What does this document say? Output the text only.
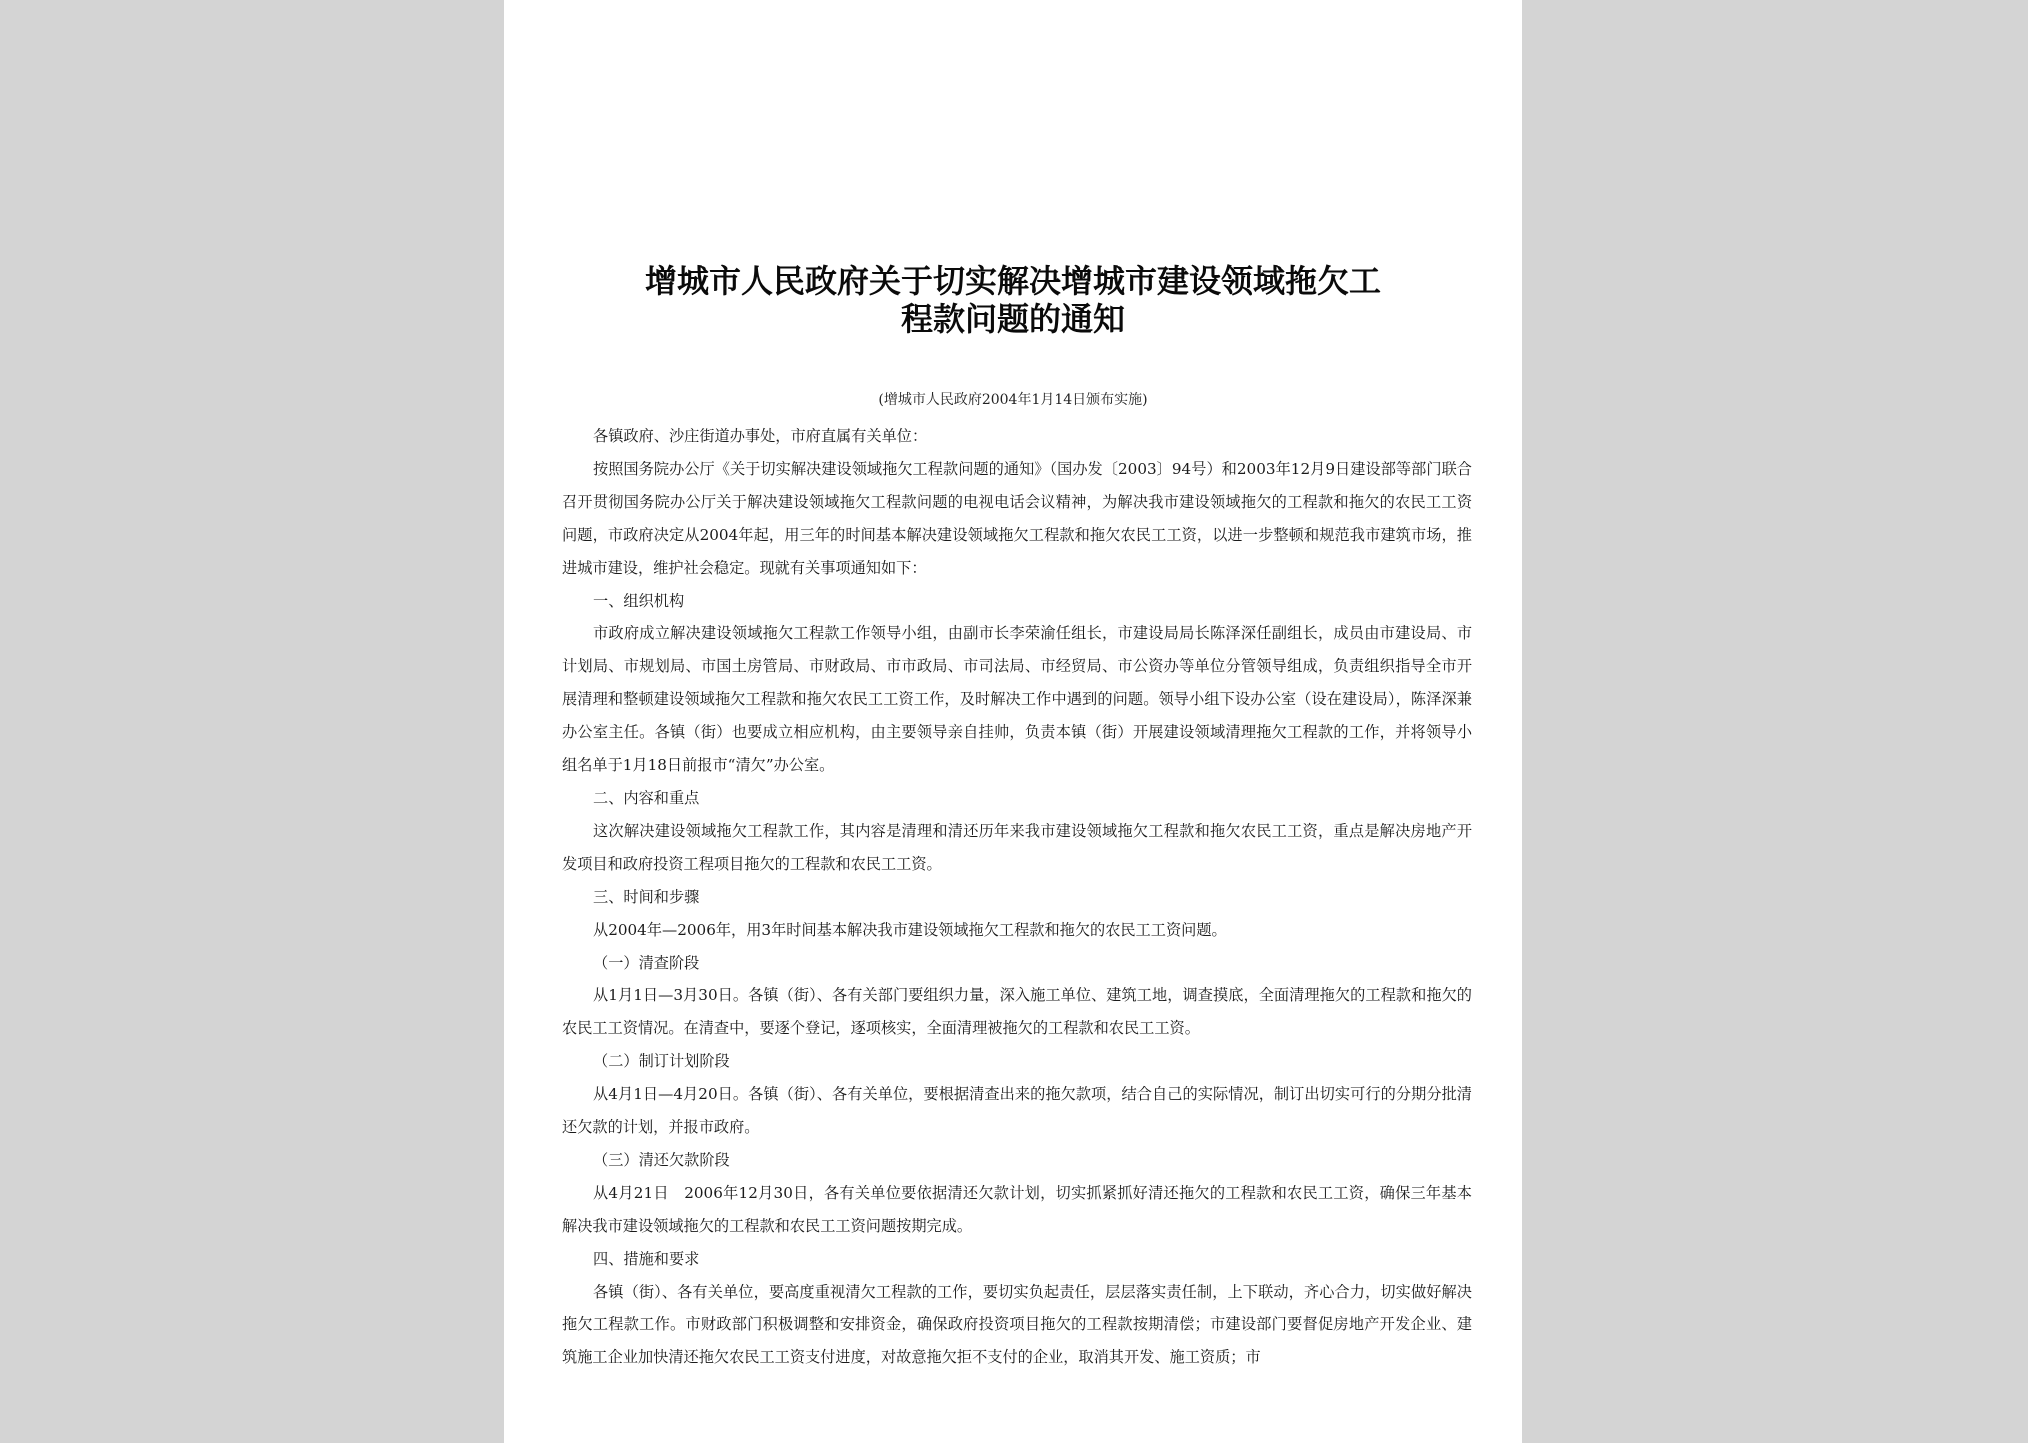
增城市人民政府关于切实解决增城市建设领域拖欠工
程款问题的通知
(增城市人民政府2004年1月14日颁布实施)

各镇政府、沙庄街道办事处，市府直属有关单位：

按照国务院办公厅《关于切实解决建设领域拖欠工程款问题的通知》（国办发〔2003〕94号）和2003年12月9日建设部等部门联合召开贯彻国务院办公厅关于解决建设领域拖欠工程款问题的电视电话会议精神，为解决我市建设领域拖欠的工程款和拖欠的农民工工资问题，市政府决定从2004年起，用三年的时间基本解决建设领域拖欠工程款和拖欠农民工工资，以进一步整顿和规范我市建筑市场，推进城市建设，维护社会稳定。现就有关事项通知如下：

一、组织机构

市政府成立解决建设领域拖欠工程款工作领导小组，由副市长李荣渝任组长，市建设局局长陈泽深任副组长，成员由市建设局、市计划局、市规划局、市国土房管局、市财政局、市市政局、市司法局、市经贸局、市公资办等单位分管领导组成，负责组织指导全市开展清理和整顿建设领域拖欠工程款和拖欠农民工工资工作，及时解决工作中遇到的问题。领导小组下设办公室（设在建设局），陈泽深兼办公室主任。各镇（街）也要成立相应机构，由主要领导亲自挂帅，负责本镇（街）开展建设领域清理拖欠工程款的工作，并将领导小组名单于1月18日前报市“清欠”办公室。

二、内容和重点

这次解决建设领域拖欠工程款工作，其内容是清理和清还历年来我市建设领域拖欠工程款和拖欠农民工工资，重点是解决房地产开发项目和政府投资工程项目拖欠的工程款和农民工工资。

三、时间和步骤

从2004年—2006年，用3年时间基本解决我市建设领域拖欠工程款和拖欠的农民工工资问题。

（一）清查阶段

从1月1日—3月30日。各镇（街）、各有关部门要组织力量，深入施工单位、建筑工地，调查摸底，全面清理拖欠的工程款和拖欠的农民工工资情况。在清查中，要逐个登记，逐项核实，全面清理被拖欠的工程款和农民工工资。

（二）制订计划阶段

从4月1日—4月20日。各镇（街）、各有关单位，要根据清查出来的拖欠款项，结合自己的实际情况，制订出切实可行的分期分批清还欠款的计划，并报市政府。

（三）清还欠款阶段

从4月21日　2006年12月30日，各有关单位要依据清还欠款计划，切实抓紧抓好清还拖欠的工程款和农民工工资，确保三年基本解决我市建设领域拖欠的工程款和农民工工资问题按期完成。

四、措施和要求

各镇（街）、各有关单位，要高度重视清欠工程款的工作，要切实负起责任，层层落实责任制，上下联动，齐心合力，切实做好解决拖欠工程款工作。市财政部门积极调整和安排资金，确保政府投资项目拖欠的工程款按期清偿；市建设部门要督促房地产开发企业、建筑施工企业加快清还拖欠农民工工资支付进度，对故意拖欠拒不支付的企业，取消其开发、施工资质；市
